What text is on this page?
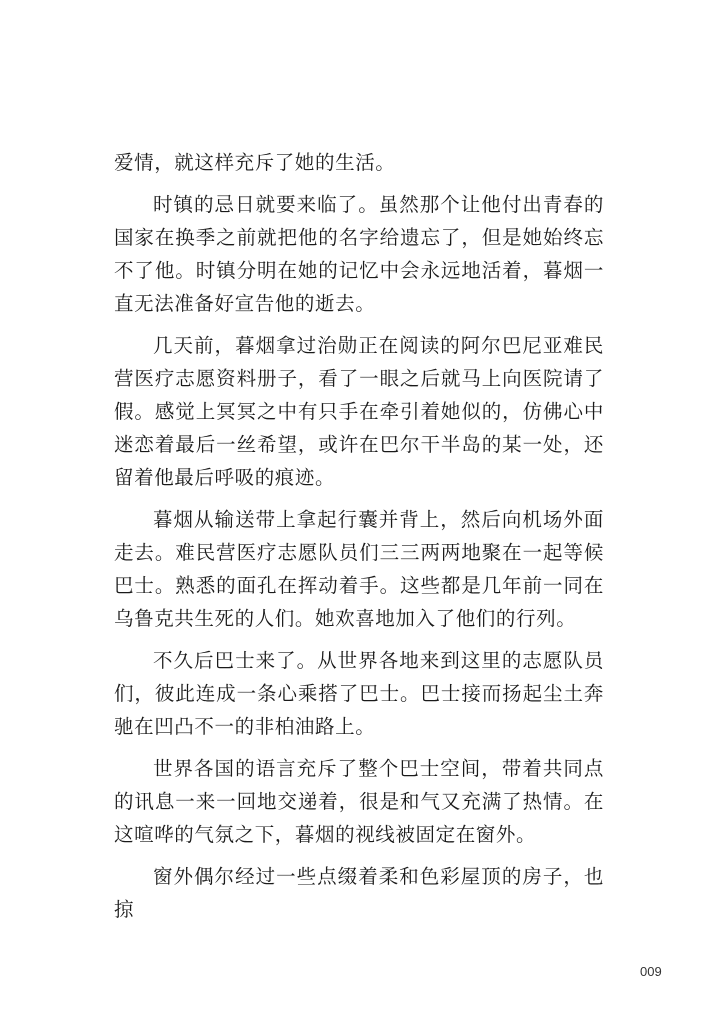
爱情，就这样充斥了她的生活。

时镇的忌日就要来临了。虽然那个让他付出青春的国家在换季之前就把他的名字给遗忘了，但是她始终忘不了他。时镇分明在她的记忆中会永远地活着，暮烟一直无法准备好宣告他的逝去。

几天前，暮烟拿过治勋正在阅读的阿尔巴尼亚难民营医疗志愿资料册子，看了一眼之后就马上向医院请了假。感觉上冥冥之中有只手在牵引着她似的，仿佛心中迷恋着最后一丝希望，或许在巴尔干半岛的某一处，还留着他最后呼吸的痕迹。

暮烟从输送带上拿起行囊并背上，然后向机场外面走去。难民营医疗志愿队员们三三两两地聚在一起等候巴士。熟悉的面孔在挥动着手。这些都是几年前一同在乌鲁克共生死的人们。她欢喜地加入了他们的行列。

不久后巴士来了。从世界各地来到这里的志愿队员们，彼此连成一条心乘搭了巴士。巴士接而扬起尘土奔驰在凹凸不一的非柏油路上。

世界各国的语言充斥了整个巴士空间，带着共同点的讯息一来一回地交递着，很是和气又充满了热情。在这喧哗的气氛之下，暮烟的视线被固定在窗外。

窗外偶尔经过一些点缀着柔和色彩屋顶的房子，也掠

009
